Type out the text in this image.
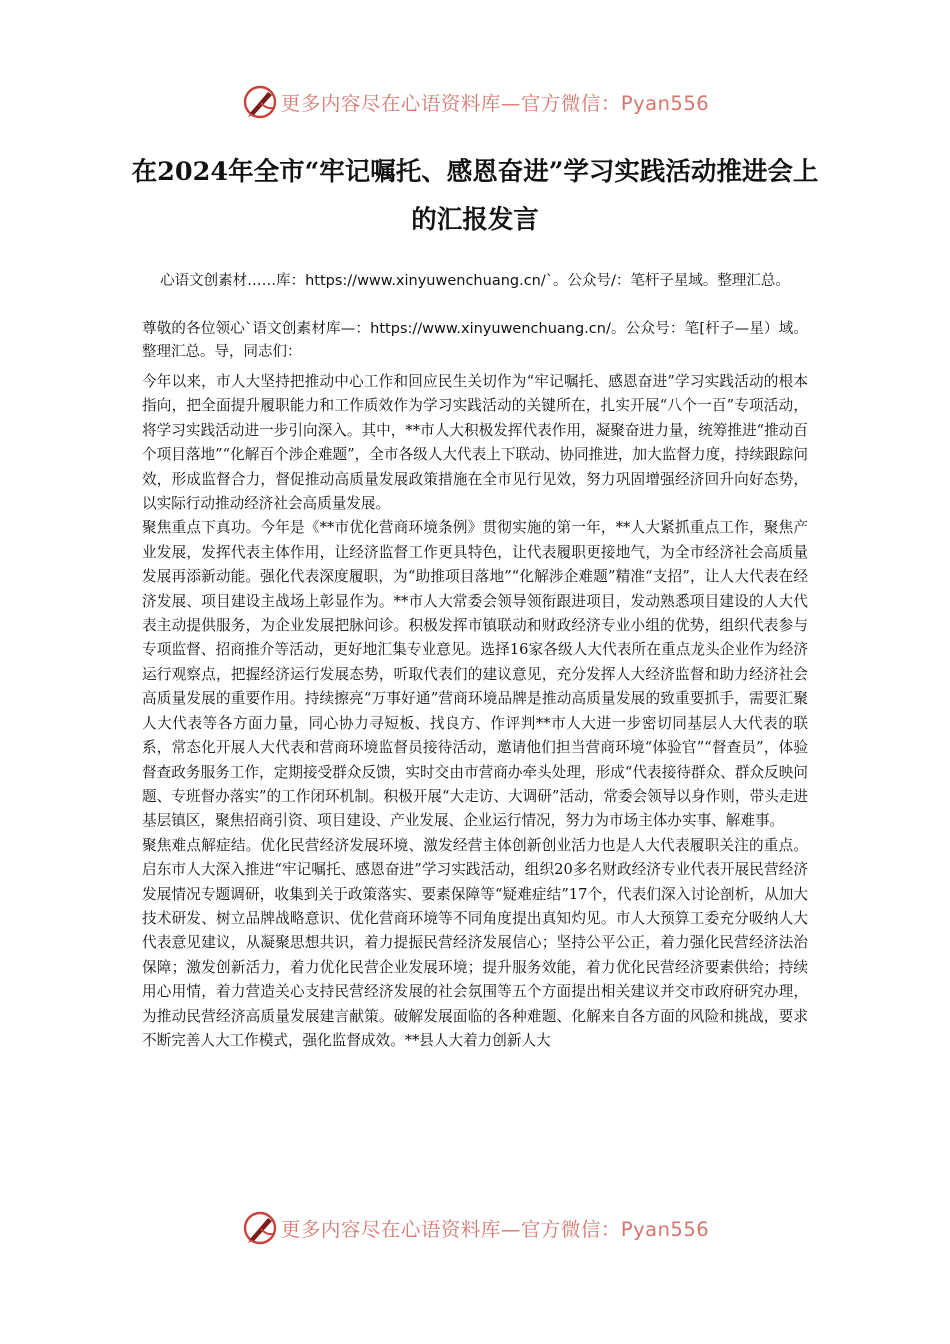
更多内容尽在心语资料库—官方微信：Pyan556
在2024年全市“牢记嘱托、感恩奋进”学习实践活动推进会上的汇报发言
心语文创素材……库：https://www.xinyuwenchuang.cn/`。公众号/：笔杆子星域。整理汇总。
尊敬的各位领心`语文创素材库—：https://www.xinyuwenchuang.cn/。公众号：笔[杆子—星）域。整理汇总。导，同志们：

今年以来，市人大坚持把推动中心工作和回应民生关切作为“牢记嘱托、感恩奋进”学习实践活动的根本指向，把全面提升履职能力和工作质效作为学习实践活动的关键所在，扎实开展“八个一百”专项活动，将学习实践活动进一步引向深入。其中，**市人大积极发挥代表作用，凝聚奋进力量，统筹推进“推动百个项目落地”“化解百个涉企难题”，全市各级人大代表上下联动、协同推进，加大监督力度，持续跟踪问效，形成监督合力，督促推动高质量发展政策措施在全市见行见效，努力巩固增强经济回升向好态势，以实际行动推动经济社会高质量发展。

聚焦重点下真功。今年是《**市优化营商环境条例》贯彻实施的第一年，**人大紧抓重点工作，聚焦产业发展，发挥代表主体作用，让经济监督工作更具特色，让代表履职更接地气，为全市经济社会高质量发展再添新动能。强化代表深度履职，为“助推项目落地”“化解涉企难题”精准“支招”，让人大代表在经济发展、项目建设主战场上彰显作为。**市人大常委会领导领衔跟进项目，发动熟悉项目建设的人大代表主动提供服务，为企业发展把脉问诊。积极发挥市镇联动和财政经济专业小组的优势，组织代表参与专项监督、招商推介等活动，更好地汇集专业意见。选择16家各级人大代表所在重点龙头企业作为经济运行观察点，把握经济运行发展态势，听取代表们的建议意见，充分发挥人大经济监督和助力经济社会高质量发展的重要作用。持续擦亮“万事好通”营商环境品牌是推动高质量发展的致重要抓手，需要汇聚人大代表等各方面力量，同心协力寻短板、找良方、作评判**市人大进一步密切同基层人大代表的联系，常态化开展人大代表和营商环境监督员接待活动，邀请他们担当营商环境“体验官”“督查员”，体验督查政务服务工作，定期接受群众反馈，实时交由市营商办牵头处理，形成“代表接待群众、群众反映问题、专班督办落实”的工作闭环机制。积极开展“大走访、大调研”活动，常委会领导以身作则，带头走进基层镇区，聚焦招商引资、项目建设、产业发展、企业运行情况，努力为市场主体办实事、解难事。

聚焦难点解症结。优化民营经济发展环境、激发经营主体创新创业活力也是人大代表履职关注的重点。启东市人大深入推进“牢记嘱托、感恩奋进”学习实践活动，组织20多名财政经济专业代表开展民营经济发展情况专题调研，收集到关于政策落实、要素保障等“疑难症结”17个，代表们深入讨论剖析，从加大技术研发、树立品牌战略意识、优化营商环境等不同角度提出真知灼见。市人大预算工委充分吸纳人大代表意见建议，从凝聚思想共识，着力提振民营经济发展信心；坚持公平公正，着力强化民营经济法治保障；激发创新活力，着力优化民营企业发展环境；提升服务效能，着力优化民营经济要素供给；持续用心用情，着力营造关心支持民营经济发展的社会氛围等五个方面提出相关建议并交市政府研究办理，为推动民营经济高质量发展建言献策。破解发展面临的各种难题、化解来自各方面的风险和挑战，要求不断完善人大工作模式，强化监督成效。**县人大着力创新人大

更多内容尽在心语资料库—官方微信：Pyan556
